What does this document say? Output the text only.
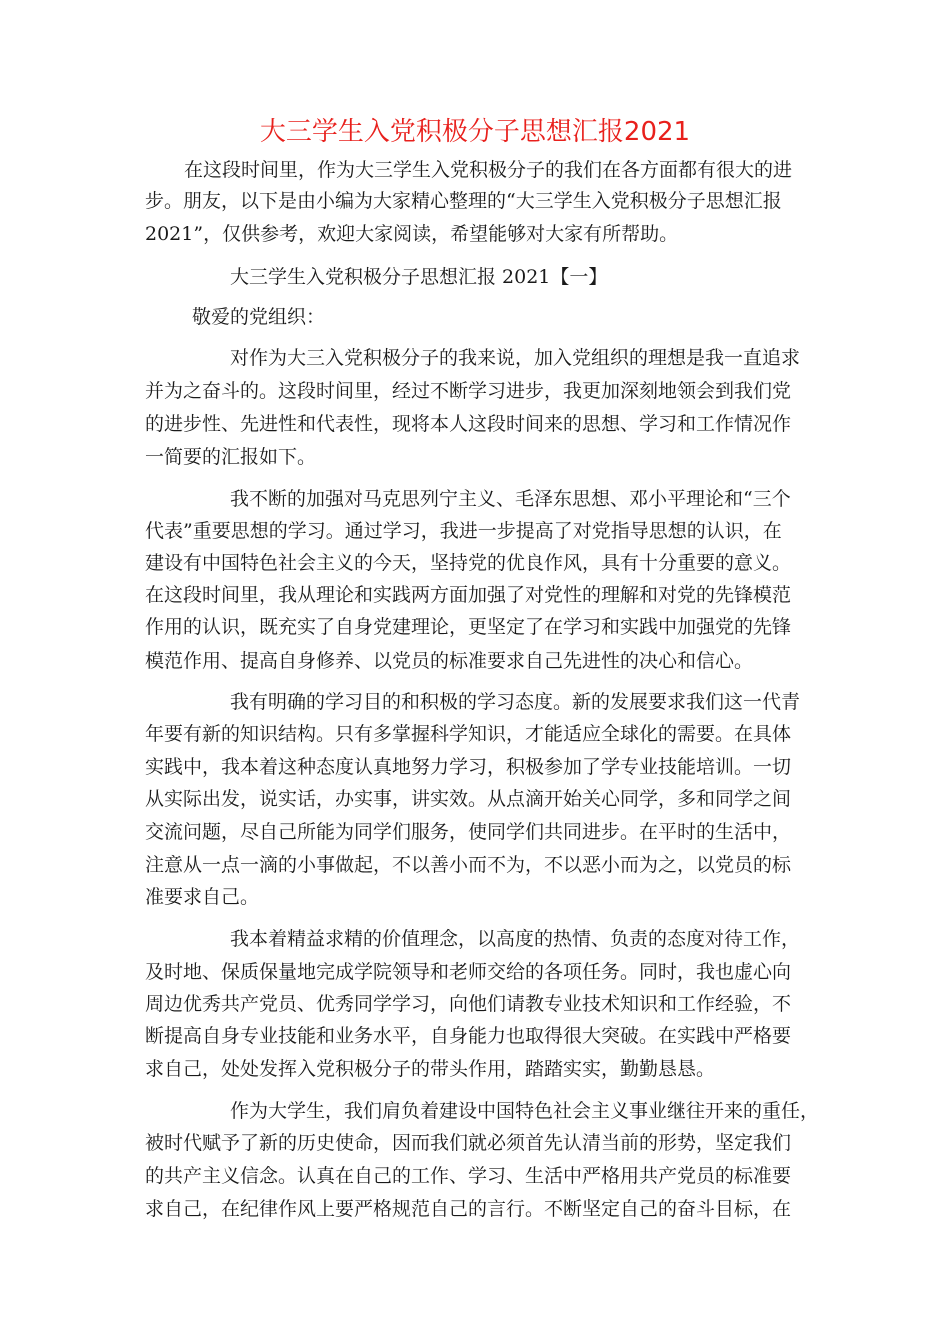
大三学生入党积极分子思想汇报2021
在这段时间里，作为大三学生入党积极分子的我们在各方面都有很大的进
步。朋友，以下是由小编为大家精心整理的“大三学生入党积极分子思想汇报
2021”，仅供参考，欢迎大家阅读，希望能够对大家有所帮助。
大三学生入党积极分子思想汇报 2021【一】
敬爱的党组织：
对作为大三入党积极分子的我来说，加入党组织的理想是我一直追求
并为之奋斗的。这段时间里，经过不断学习进步，我更加深刻地领会到我们党
的进步性、先进性和代表性，现将本人这段时间来的思想、学习和工作情况作
一简要的汇报如下。
我不断的加强对马克思列宁主义、毛泽东思想、邓小平理论和“三个
代表”重要思想的学习。通过学习，我进一步提高了对党指导思想的认识，在
建设有中国特色社会主义的今天，坚持党的优良作风，具有十分重要的意义。
在这段时间里，我从理论和实践两方面加强了对党性的理解和对党的先锋模范
作用的认识，既充实了自身党建理论，更坚定了在学习和实践中加强党的先锋
模范作用、提高自身修养、以党员的标准要求自己先进性的决心和信心。
我有明确的学习目的和积极的学习态度。新的发展要求我们这一代青
年要有新的知识结构。只有多掌握科学知识，才能适应全球化的需要。在具体
实践中，我本着这种态度认真地努力学习，积极参加了学专业技能培训。一切
从实际出发，说实话，办实事，讲实效。从点滴开始关心同学，多和同学之间
交流问题，尽自己所能为同学们服务，使同学们共同进步。在平时的生活中，
注意从一点一滴的小事做起，不以善小而不为，不以恶小而为之，以党员的标
准要求自己。
我本着精益求精的价值理念，以高度的热情、负责的态度对待工作，
及时地、保质保量地完成学院领导和老师交给的各项任务。同时，我也虚心向
周边优秀共产党员、优秀同学学习，向他们请教专业技术知识和工作经验，不
断提高自身专业技能和业务水平，自身能力也取得很大突破。在实践中严格要
求自己，处处发挥入党积极分子的带头作用，踏踏实实，勤勤恳恳。
作为大学生，我们肩负着建设中国特色社会主义事业继往开来的重任，
被时代赋予了新的历史使命，因而我们就必须首先认清当前的形势，坚定我们
的共产主义信念。认真在自己的工作、学习、生活中严格用共产党员的标准要
求自己，在纪律作风上要严格规范自己的言行。不断坚定自己的奋斗目标，在
